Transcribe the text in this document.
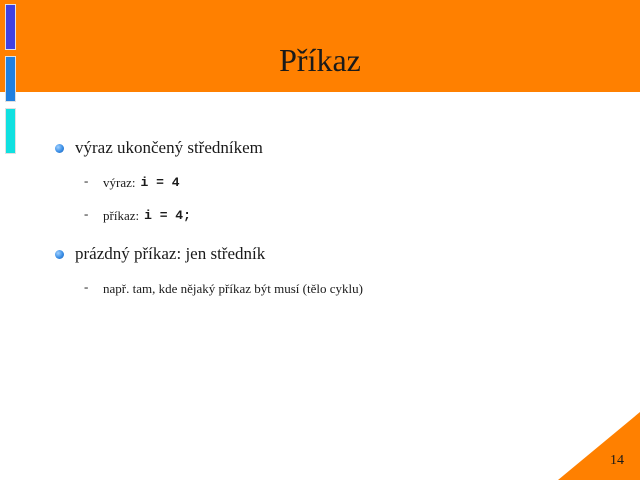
Příkaz
výraz ukončený středníkem
-	výraz: i = 4
-	příkaz: i = 4;
prázdný příkaz: jen středník
-	např. tam, kde nějaký příkaz být musí (tělo cyklu)
14
